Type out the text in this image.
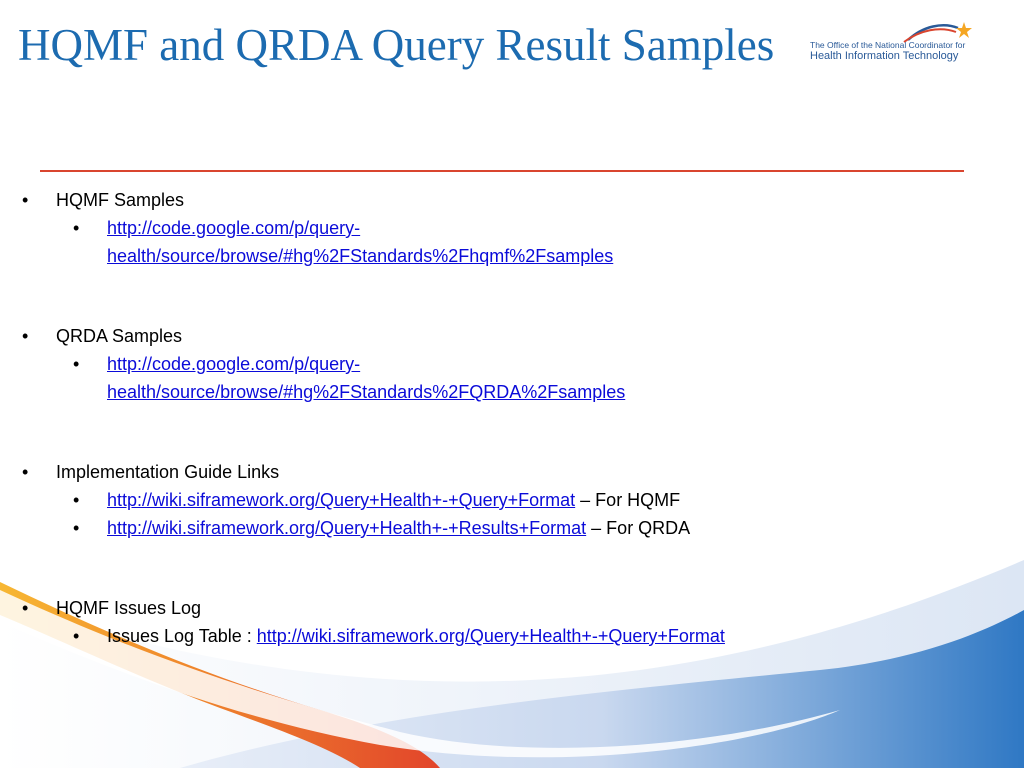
HQMF and QRDA Query Result Samples	The Office of the National Coordinator for
Health Information Technology
• HQMF Samples
• http://code.google.com/p/query-
health/source/browse/#hg%2FStandards%2Fhqmf%2Fsamples
• QRDA Samples
• http://code.google.com/p/query-
health/source/browse/#hg%2FStandards%2FQRDA%2Fsamples
• Implementation Guide Links
• http://wiki.siframework.org/Query+Health+-+Query+Format – For HQMF
• http://wiki.siframework.org/Query+Health+-+Results+Format – For QRDA
• HQMF Issues Log
• Issues Log Table : http://wiki.siframework.org/Query+Health+-+Query+Format
